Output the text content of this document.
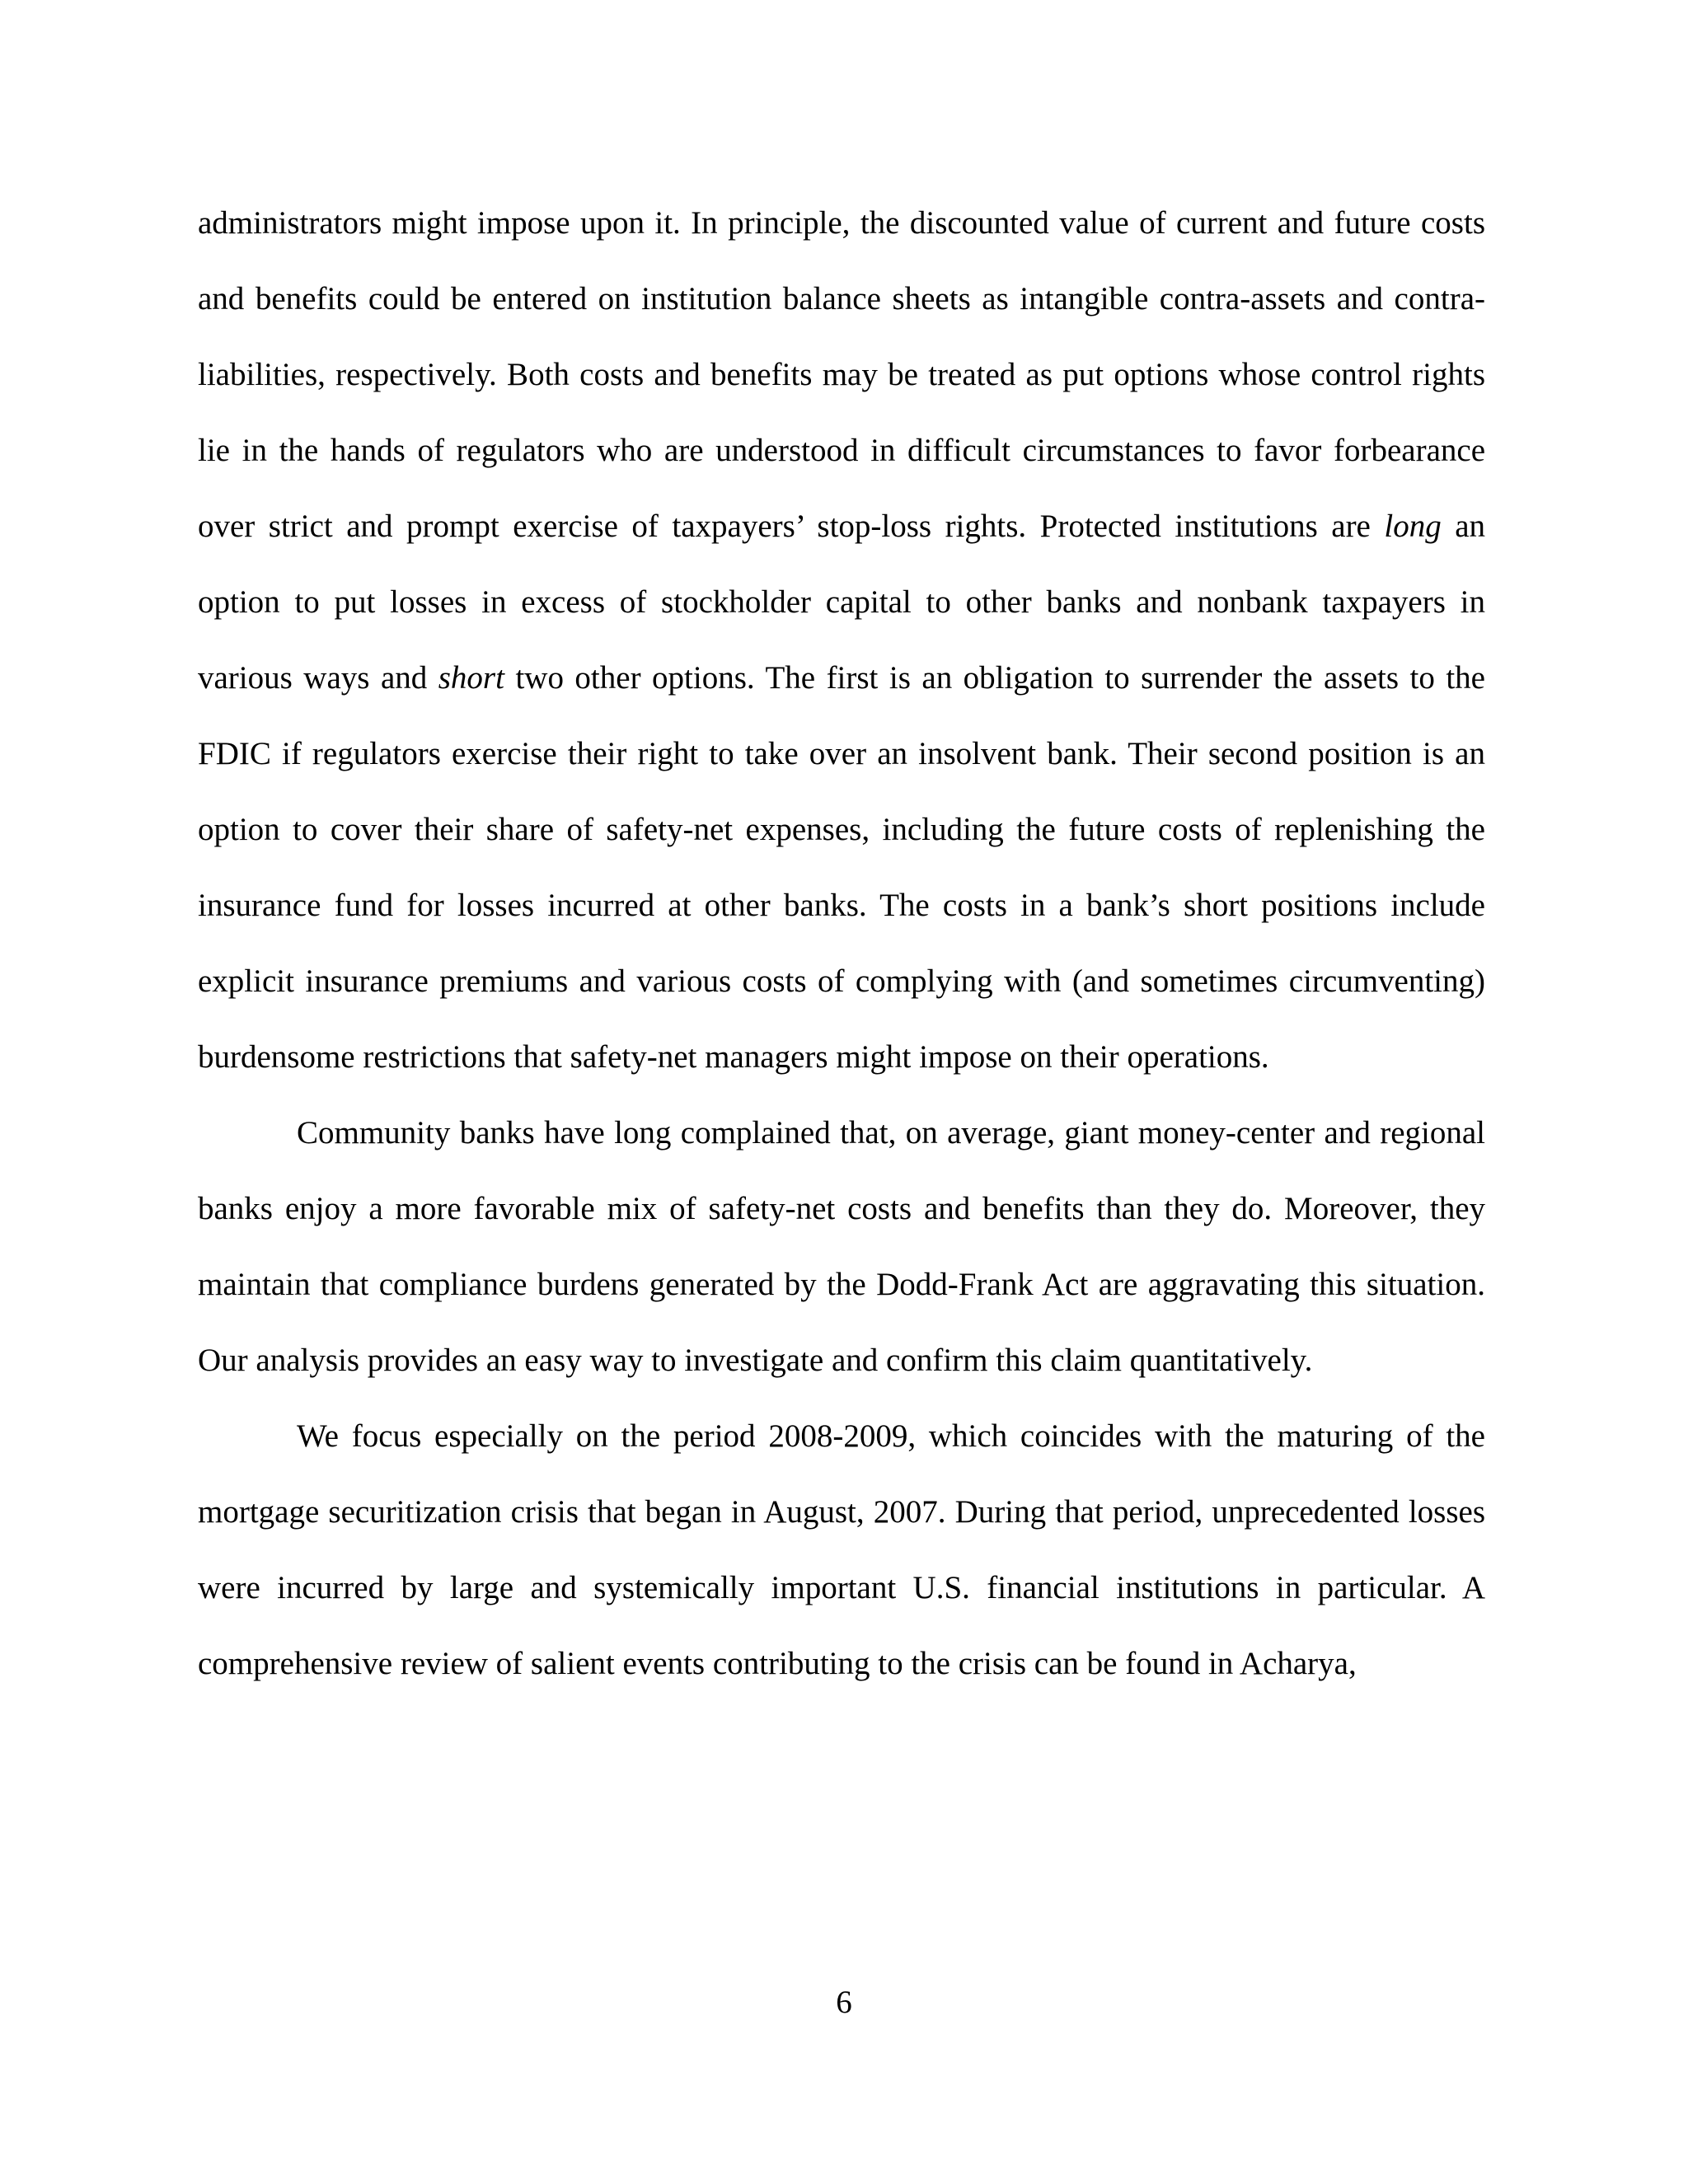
administrators might impose upon it. In principle, the discounted value of current and future costs and benefits could be entered on institution balance sheets as intangible contra-assets and contra-liabilities, respectively. Both costs and benefits may be treated as put options whose control rights lie in the hands of regulators who are understood in difficult circumstances to favor forbearance over strict and prompt exercise of taxpayers’ stop-loss rights. Protected institutions are long an option to put losses in excess of stockholder capital to other banks and nonbank taxpayers in various ways and short two other options. The first is an obligation to surrender the assets to the FDIC if regulators exercise their right to take over an insolvent bank. Their second position is an option to cover their share of safety-net expenses, including the future costs of replenishing the insurance fund for losses incurred at other banks. The costs in a bank’s short positions include explicit insurance premiums and various costs of complying with (and sometimes circumventing) burdensome restrictions that safety-net managers might impose on their operations.

Community banks have long complained that, on average, giant money-center and regional banks enjoy a more favorable mix of safety-net costs and benefits than they do. Moreover, they maintain that compliance burdens generated by the Dodd-Frank Act are aggravating this situation. Our analysis provides an easy way to investigate and confirm this claim quantitatively.

We focus especially on the period 2008-2009, which coincides with the maturing of the mortgage securitization crisis that began in August, 2007. During that period, unprecedented losses were incurred by large and systemically important U.S. financial institutions in particular. A comprehensive review of salient events contributing to the crisis can be found in Acharya,

6
